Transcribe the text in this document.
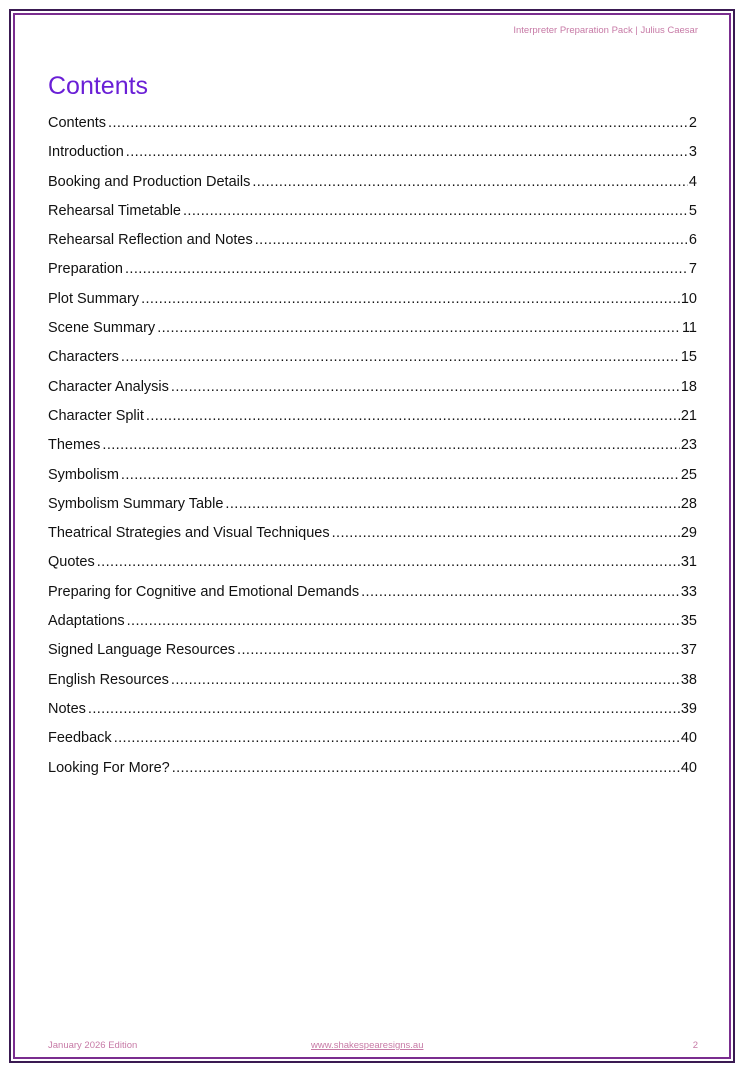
Interpreter Preparation Pack | Julius Caesar
Contents
Contents .....	2
Introduction .....	3
Booking and Production Details .....	4
Rehearsal Timetable .....	5
Rehearsal Reflection and Notes .....	6
Preparation .....	7
Plot Summary .....	10
Scene Summary .....	11
Characters .....	15
Character Analysis .....	18
Character Split .....	21
Themes .....	23
Symbolism .....	25
Symbolism Summary Table .....	28
Theatrical Strategies and Visual Techniques .....	29
Quotes .....	31
Preparing for Cognitive and Emotional Demands .....	33
Adaptations .....	35
Signed Language Resources .....	37
English Resources .....	38
Notes .....	39
Feedback .....	40
Looking For More? .....	40
January 2026 Edition	www.shakespearesigns.au	2
